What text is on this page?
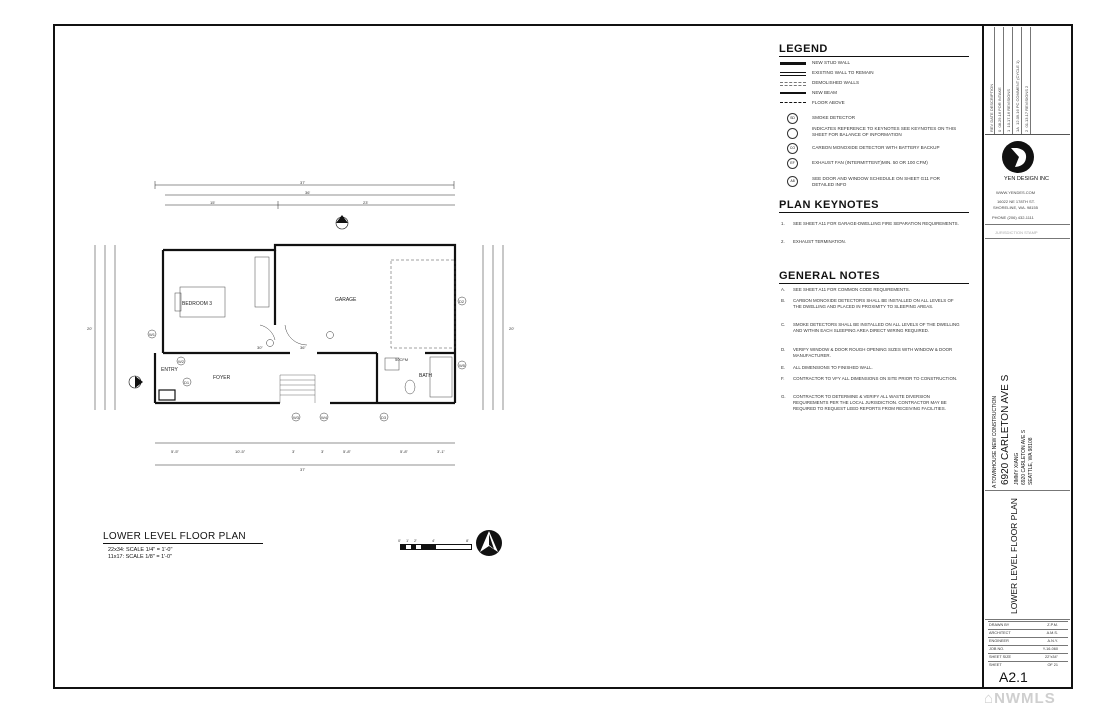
BEDROOM 3
GARAGE
FOYER
ENTRY
BATH
37'
36'
15'	23'
37'
5'-5"	10'-5"	3'	3'	5'-8"	5'-8"	3'-1"
20'	20'
30"	36"
50CFM
W1
W2
W3	W4
W5
D1
D2
D3
LOWER LEVEL FLOOR PLAN
22x34: SCALE 1/4" = 1'-0"
11x17: SCALE 1/8" = 1'-0"
0' 1' 2'	4'	8'
LEGEND
NEW STUD WALL
EXISTING WALL TO REMAIN
DEMOLISHED WALLS
NEW BEAM
FLOOR ABOVE
SD	SMOKE DETECTOR
INDICATES REFERENCE TO KEYNOTES SEE KEYNOTES ON THIS SHEET FOR BALANCE OF INFORMATION
CO	CARBON MONOXIDE DETECTOR WITH BATTERY BACKUP
EF	EXHAUST FAN (INTERMITTENT)MIN. 50 OR 100 CFM)
A8	SEE DOOR AND WINDOW SCHEDULE ON SHEET G11 FOR DETAILED INFO
PLAN KEYNOTES
1. SEE SHEET A11 FOR GARAGE-DWELLING FIRE SEPARATION REQUIREMENTS.
2. EXHAUST TERMINATION.
GENERAL NOTES
A. SEE SHEET A11 FOR COMMON CODE REQUIREMENTS.
B. CARBON MONOXIDE DETECTORS SHALL BE INSTALLED ON ALL LEVELS OF THE DWELLING AND PLACED IN PROXIMITY TO SLEEPING AREAS.
C. SMOKE DETECTORS SHALL BE INSTALLED ON ALL LEVELS OF THE DWELLING AND WITHIN EACH SLEEPING AREA DIRECT WIRING REQUIRED.
D. VERIFY WINDOW & DOOR ROUGH OPENING SIZES WITH WINDOW & DOOR MANUFACTURER.
E. ALL DIMENSIONS TO FINISHED WALL.
F. CONTRACTOR TO VFY ALL DIMENSIONS ON SITE PRIOR TO CONSTRUCTION.
G. CONTRACTOR TO DETERMINE & VERIFY ALL WASTE DIVERSION REQUIREMENTS PER THE LOCAL JURISDICTION. CONTRACTOR MAY BE REQUIRED TO REQUEST LEED REPORTS FROM RECEIVING FACILITIES.
REV DATE DESCRIPTION 0  08.29.16 FOR INTAKE
1  10.17.16 REVISIONS
1A  12.09.16 PC COMMENT (CYCLE 1)
2  01.13.17 REVISIONS 2
YEN DESIGN INC
WWW.YENDES.COM
16022 NE 178TH ST.
SHORELINE, WA. 98155
PHONE (206) 432-1111
JURISDICTION STAMP
A TOWNHOUSE NEW CONSTRUCTION 6920 CARLETON AVE S JIMMY XIANG 6920 CARLETON AVE S SEATTLE, WA 98108
LOWER LEVEL FLOOR PLAN
DRAWN BY	Z.P.M.
ARCHITECT	A.M.S.
ENGINEER	A.N.Y.
JOB NO.	Y-16-060
SHEET SIZE	22"x34"
SHEET	OF 21
A2.1
⌂NWMLS
